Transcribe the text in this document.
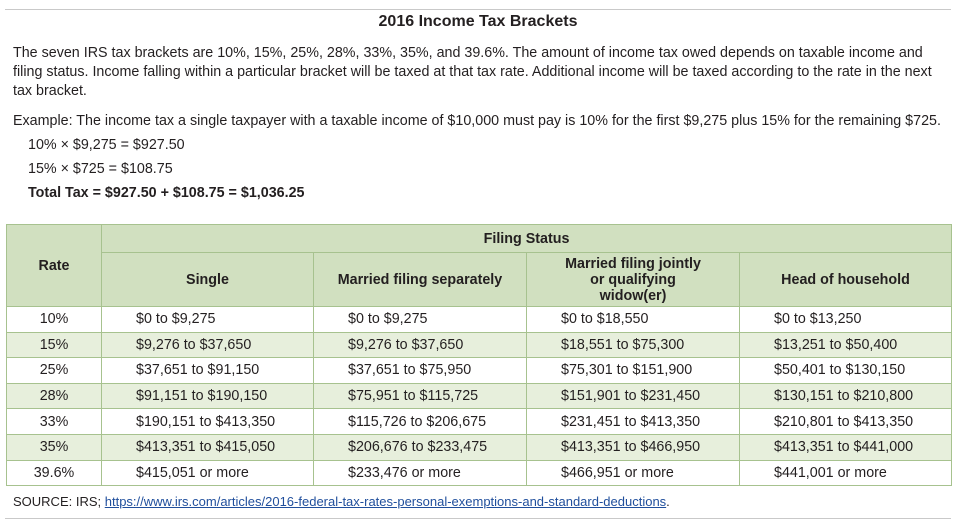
2016 Income Tax Brackets

The seven IRS tax brackets are 10%, 15%, 25%, 28%, 33%, 35%, and 39.6%. The amount of income tax owed depends on taxable income and filing status. Income falling within a particular bracket will be taxed at that tax rate. Additional income will be taxed according to the rate in the next tax bracket.

Example: The income tax a single taxpayer with a taxable income of $10,000 must pay is 10% for the first $9,275 plus 15% for the remaining $725.
10% × $9,275 = $927.50
15% × $725 = $108.75
Total Tax = $927.50 + $108.75 = $1,036.25
Rate	Filing Status			
	Single	Married filing separately	Married filing jointly or qualifying widow(er)	Head of household
10%	$0 to $9,275	$0 to $9,275	$0 to $18,550	$0 to $13,250
15%	$9,276 to $37,650	$9,276 to $37,650	$18,551 to $75,300	$13,251 to $50,400
25%	$37,651 to $91,150	$37,651 to $75,950	$75,301 to $151,900	$50,401 to $130,150
28%	$91,151 to $190,150	$75,951 to $115,725	$151,901 to $231,450	$130,151 to $210,800
33%	$190,151 to $413,350	$115,726 to $206,675	$231,451 to $413,350	$210,801 to $413,350
35%	$413,351 to $415,050	$206,676 to $233,475	$413,351 to $466,950	$413,351 to $441,000
39.6%	$415,051 or more	$233,476 or more	$466,951 or more	$441,001 or more
SOURCE: IRS; https://www.irs.com/articles/2016-federal-tax-rates-personal-exemptions-and-standard-deductions.
